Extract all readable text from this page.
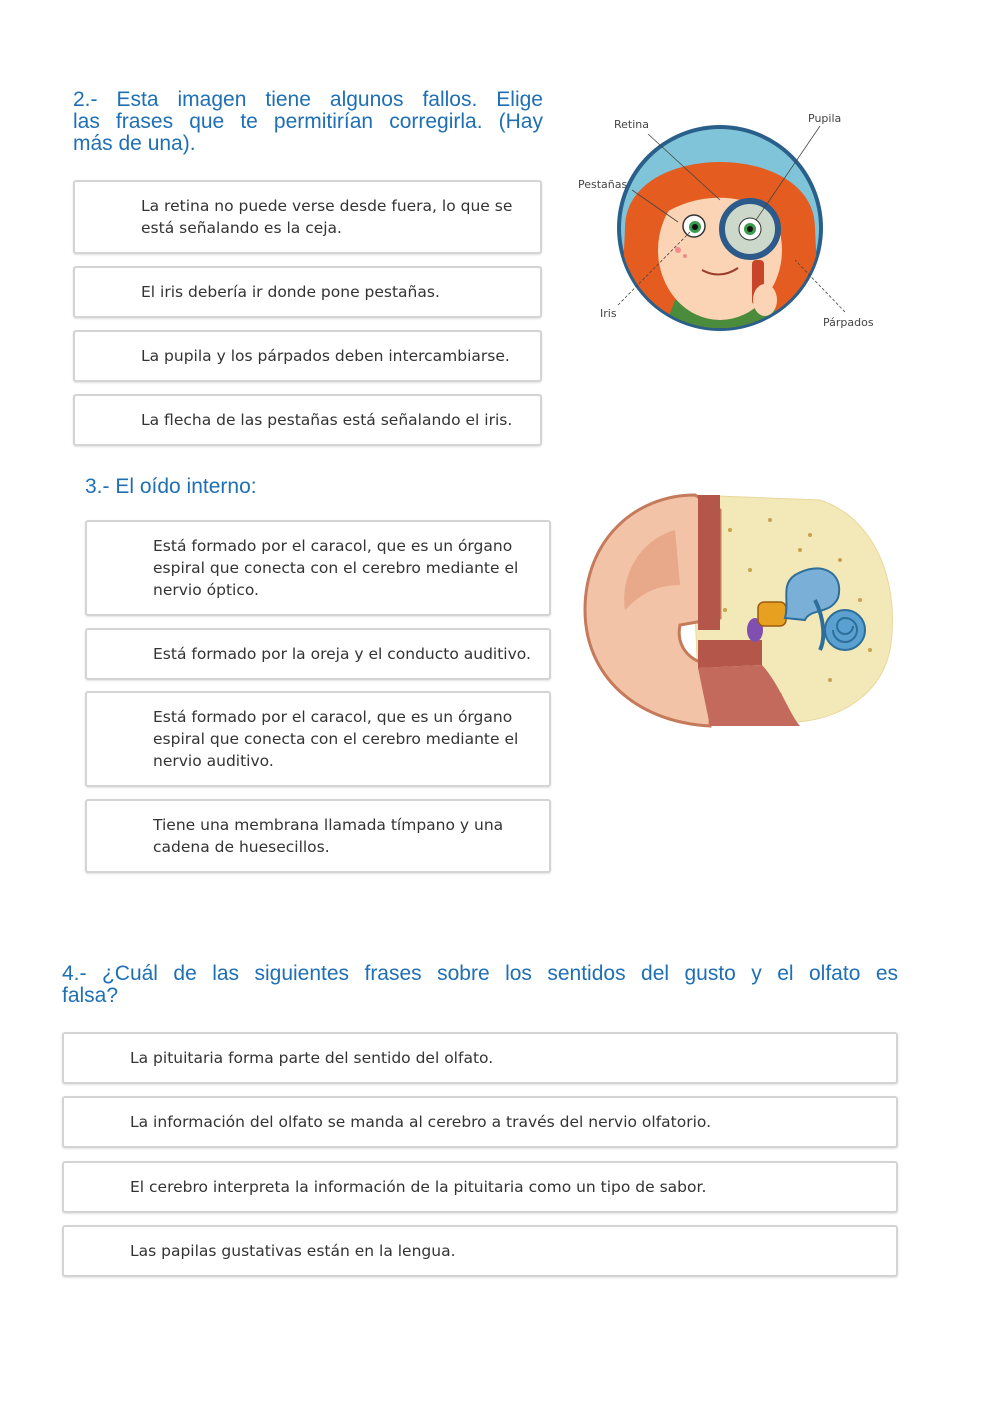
2.- Esta imagen tiene algunos fallos. Elige
las frases que te permitirían corregirla. (Hay
más de una).
La retina no puede verse desde fuera, lo que se
está señalando es la ceja.
El iris debería ir donde pone pestañas.
La pupila y los párpados deben intercambiarse.
La flecha de las pestañas está señalando el iris.
Retina	Pupila
Pestañas
Iris
Párpados
3.- El oído interno:
Está formado por el caracol, que es un órgano
espiral que conecta con el cerebro mediante el
nervio óptico.
Está formado por la oreja y el conducto auditivo.
Está formado por el caracol, que es un órgano
espiral que conecta con el cerebro mediante el
nervio auditivo.
Tiene una membrana llamada tímpano y una
cadena de huesecillos.
4.- ¿Cuál de las siguientes frases sobre los sentidos del gusto y el olfato es
falsa?
La pituitaria forma parte del sentido del olfato.
La información del olfato se manda al cerebro a través del nervio olfatorio.
El cerebro interpreta la información de la pituitaria como un tipo de sabor.
Las papilas gustativas están en la lengua.
